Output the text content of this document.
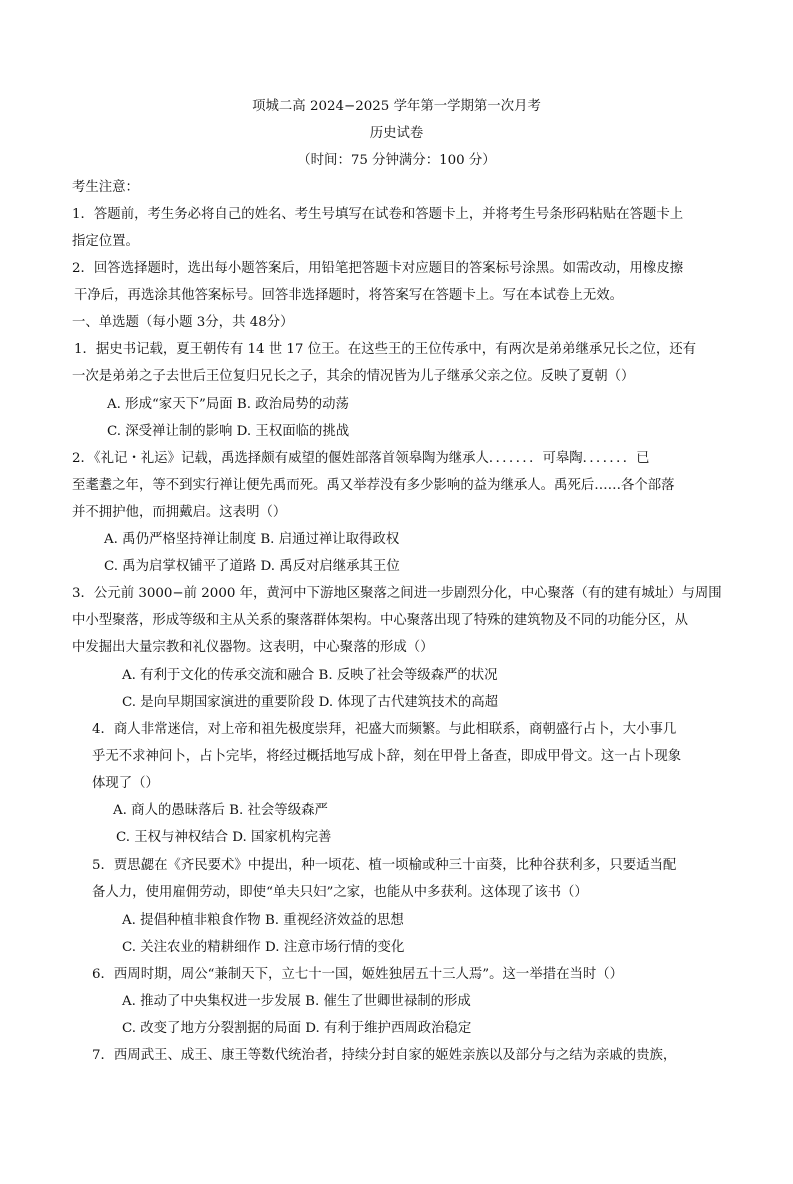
项城二高 2024−2025 学年第一学期第一次月考
历史试卷
（时间：75 分钟满分：100 分）
考生注意：
1．答题前，考生务必将自己的姓名、考生号填写在试卷和答题卡上，并将考生号条形码粘贴在答题卡上
指定位置。
2．回答选择题时，选出每小题答案后，用铅笔把答题卡对应题目的答案标号涂黑。如需改动，用橡皮擦
干净后，再选涂其他答案标号。回答非选择题时，将答案写在答题卡上。写在本试卷上无效。
一、单选题（每小题 3分，共 48分）
1．据史书记载，夏王朝传有 14 世 17 位王。在这些王的王位传承中，有两次是弟弟继承兄长之位，还有
一次是弟弟之子去世后王位复归兄长之子，其余的情况皆为儿子继承父亲之位。反映了夏朝（）
A. 形成“家天下”局面 B. 政治局势的动荡
C. 深受禅让制的影响 D. 王权面临的挑战
2．《礼记・礼运》记载，禹选择颇有威望的偃姓部落首领皋陶为继承人．．．．．．．可皋陶．．．．．．．已
至耄耋之年，等不到实行禅让便先禹而死。禹又举荐没有多少影响的益为继承人。禹死后……各个部落
并不拥护他，而拥戴启。这表明（）
A. 禹仍严格坚持禅让制度 B. 启通过禅让取得政权
C. 禹为启掌权铺平了道路 D. 禹反对启继承其王位
3．公元前 3000−前 2000 年，黄河中下游地区聚落之间进一步剧烈分化，中心聚落（有的建有城址）与周围
中小型聚落，形成等级和主从关系的聚落群体架构。中心聚落出现了特殊的建筑物及不同的功能分区，从
中发掘出大量宗教和礼仪器物。这表明，中心聚落的形成（）
A. 有利于文化的传承交流和融合 B. 反映了社会等级森严的状况
C. 是向早期国家演进的重要阶段 D. 体现了古代建筑技术的高超
4．商人非常迷信，对上帝和祖先极度崇拜，祀盛大而频繁。与此相联系，商朝盛行占卜，大小事几
乎无不求神问卜，占卜完毕，将经过概括地写成卜辞，刻在甲骨上备查，即成甲骨文。这一占卜现象
体现了（）
A. 商人的愚昧落后 B. 社会等级森严
C. 王权与神权结合 D. 国家机构完善
5．贾思勰在《齐民要术》中提出，种一顷花、植一顷榆或种三十亩葵，比种谷获利多，只要适当配
备人力，使用雇佣劳动，即使“单夫只妇”之家，也能从中多获利。这体现了该书（）
A. 提倡种植非粮食作物 B. 重视经济效益的思想
C. 关注农业的精耕细作 D. 注意市场行情的变化
6．西周时期，周公“兼制天下，立七十一国，姬姓独居五十三人焉”。这一举措在当时（）
A. 推动了中央集权进一步发展 B. 催生了世卿世禄制的形成
C. 改变了地方分裂割据的局面 D. 有利于维护西周政治稳定
7．西周武王、成王、康王等数代统治者，持续分封自家的姬姓亲族以及部分与之结为亲戚的贵族，
